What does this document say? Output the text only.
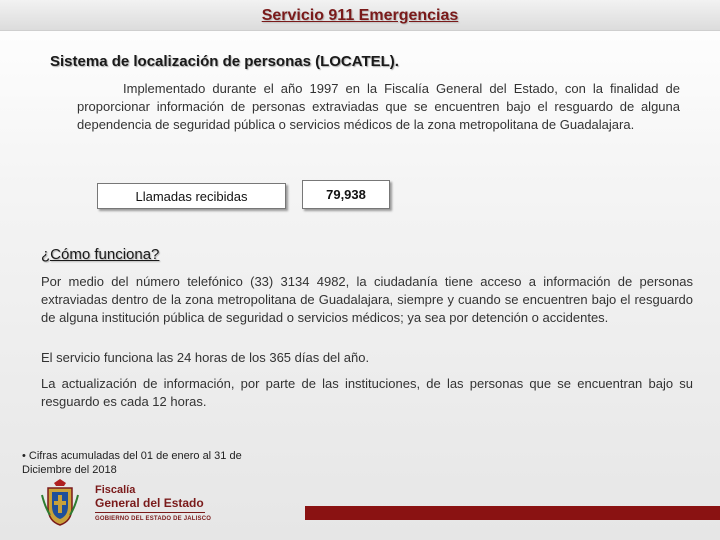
Servicio 911 Emergencias
Sistema de localización de personas (LOCATEL).

Implementado durante el año 1997 en la Fiscalía General del Estado, con la finalidad de proporcionar información de personas extraviadas que se encuentren bajo el resguardo de alguna dependencia de seguridad pública o servicios médicos de la zona metropolitana de Guadalajara.

Llamadas recibidas	79,938
¿Cómo funciona?

Por medio del número telefónico (33) 3134 4982, la ciudadanía tiene acceso a información de personas extraviadas dentro de la zona metropolitana de Guadalajara, siempre y cuando se encuentren bajo el resguardo de alguna institución pública de seguridad o servicios médicos; ya sea por detención o accidentes.

El servicio funciona las 24 horas de los 365 días del año.

La actualización de información, por parte de las instituciones, de las personas que se encuentran bajo su resguardo es cada 12 horas.

• Cifras acumuladas del 01 de enero al 31 de Diciembre del 2018

Fiscalía
General del Estado
GOBIERNO DEL ESTADO DE JALISCO
